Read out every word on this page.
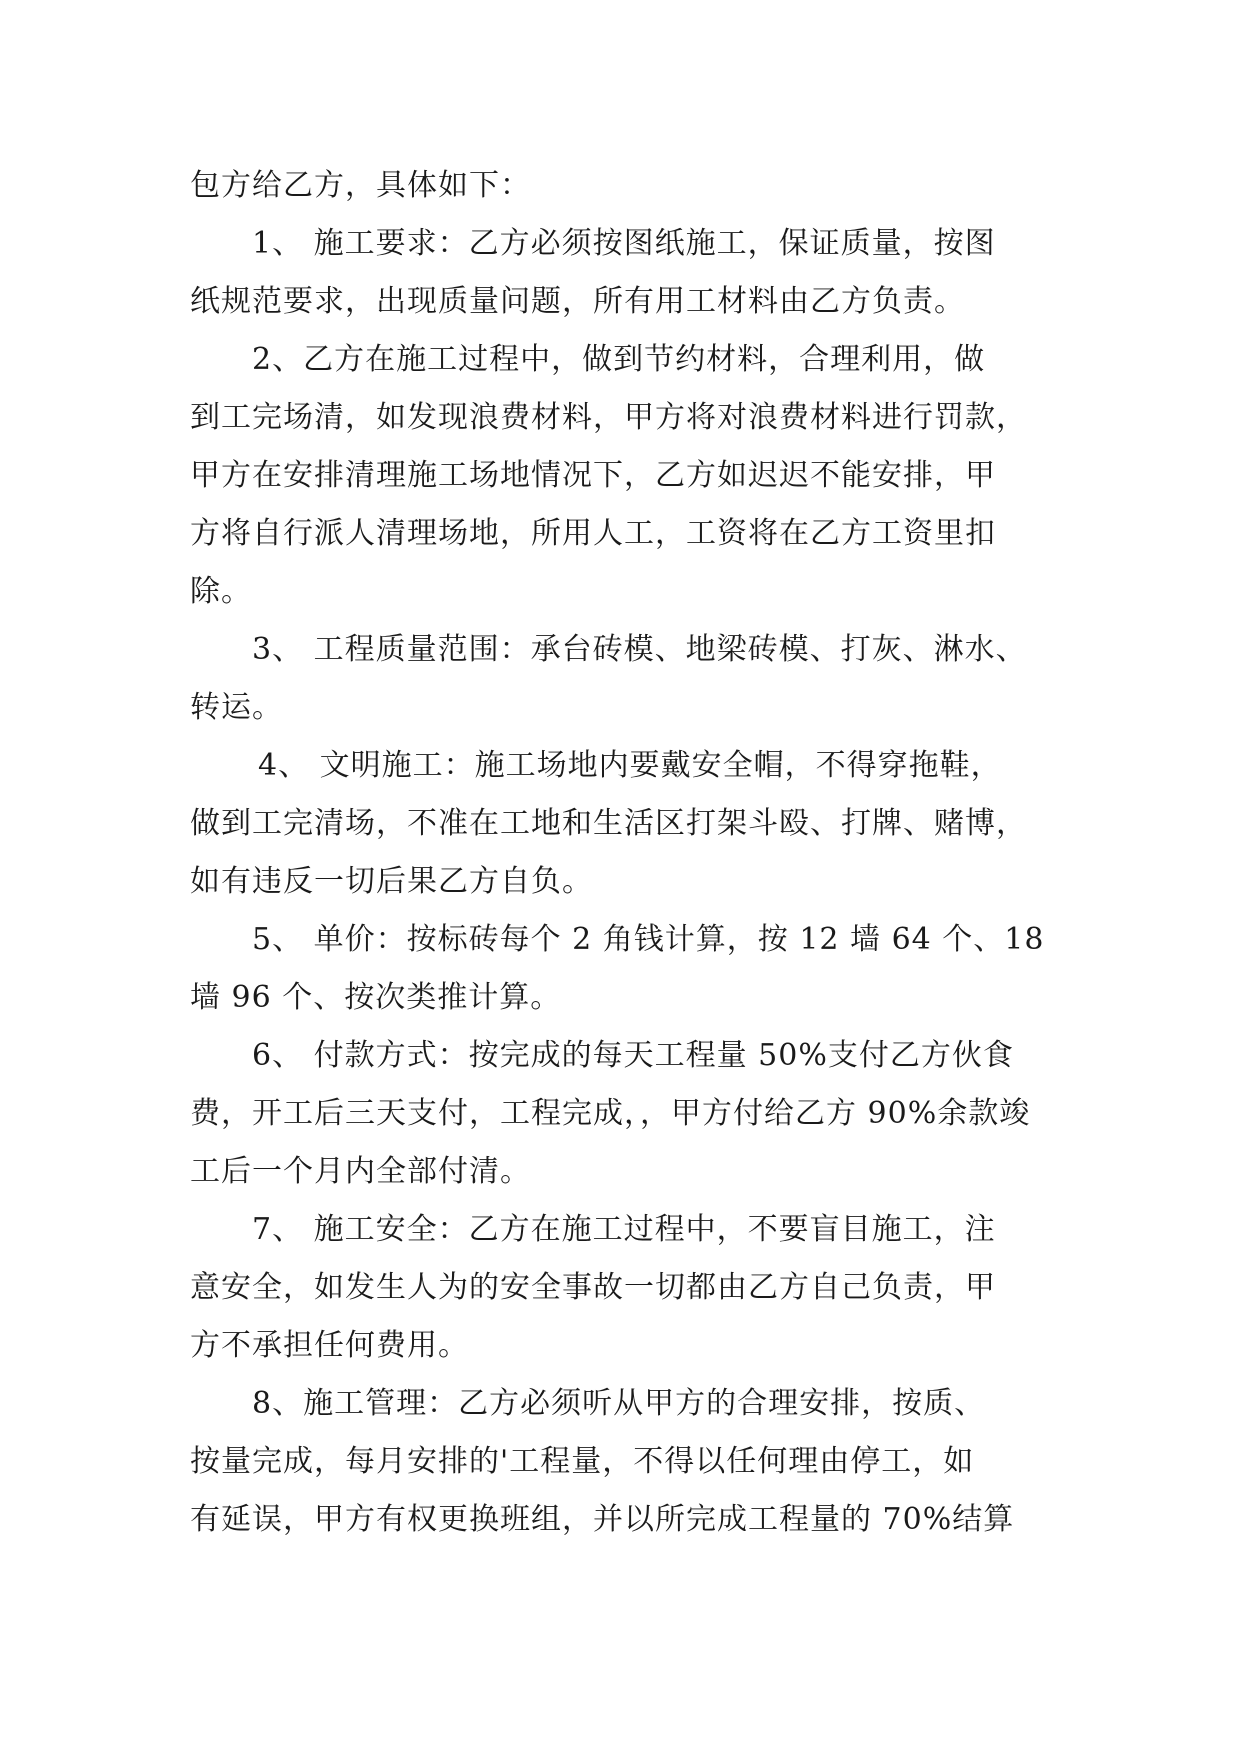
包方给乙方，具体如下：
1、 施工要求：乙方必须按图纸施工，保证质量，按图
纸规范要求，出现质量问题，所有用工材料由乙方负责。
2、乙方在施工过程中，做到节约材料，合理利用，做
到工完场清，如发现浪费材料，甲方将对浪费材料进行罚款，
甲方在安排清理施工场地情况下，乙方如迟迟不能安排，甲
方将自行派人清理场地，所用人工，工资将在乙方工资里扣
除。
3、 工程质量范围：承台砖模、地梁砖模、打灰、淋水、
转运。
4、 文明施工：施工场地内要戴安全帽，不得穿拖鞋，
做到工完清场，不准在工地和生活区打架斗殴、打牌、赌博，
如有违反一切后果乙方自负。
5、 单价：按标砖每个 2 角钱计算，按 12 墙 64 个、18
墙 96 个、按次类推计算。
6、 付款方式：按完成的每天工程量 50%支付乙方伙食
费，开工后三天支付，工程完成，，甲方付给乙方 90%余款竣
工后一个月内全部付清。
7、 施工安全：乙方在施工过程中，不要盲目施工，注
意安全，如发生人为的安全事故一切都由乙方自己负责，甲
方不承担任何费用。
8、施工管理：乙方必须听从甲方的合理安排，按质、
按量完成，每月安排的'工程量，不得以任何理由停工，如
有延误，甲方有权更换班组，并以所完成工程量的 70%结算
